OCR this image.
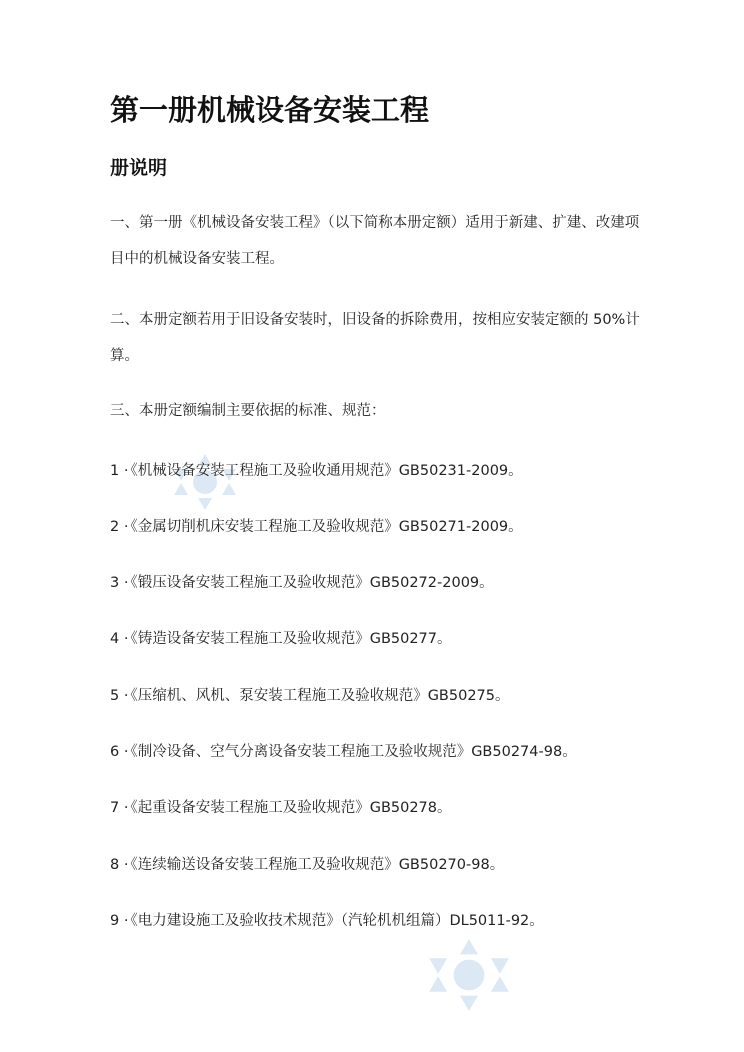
第一册机械设备安装工程
册说明

一、第一册《机械设备安装工程》（以下简称本册定额）适用于新建、扩建、改建项目中的机械设备安装工程。

二、本册定额若用于旧设备安装时，旧设备的拆除费用，按相应安装定额的 50%计算。

三、本册定额编制主要依据的标准、规范：

1 · 《机械设备安装工程施工及验收通用规范》GB50231-2009。

2 · 《金属切削机床安装工程施工及验收规范》GB50271-2009。

3 · 《锻压设备安装工程施工及验收规范》GB50272-2009。

4 · 《铸造设备安装工程施工及验收规范》GB50277。

5 · 《压缩机、风机、泵安装工程施工及验收规范》GB50275。

6 · 《制冷设备、空气分离设备安装工程施工及验收规范》GB50274-98。

7 · 《起重设备安装工程施工及验收规范》GB50278。

8 · 《连续输送设备安装工程施工及验收规范》GB50270-98。

9 · 《电力建设施工及验收技术规范》（汽轮机机组篇）DL5011-92。
